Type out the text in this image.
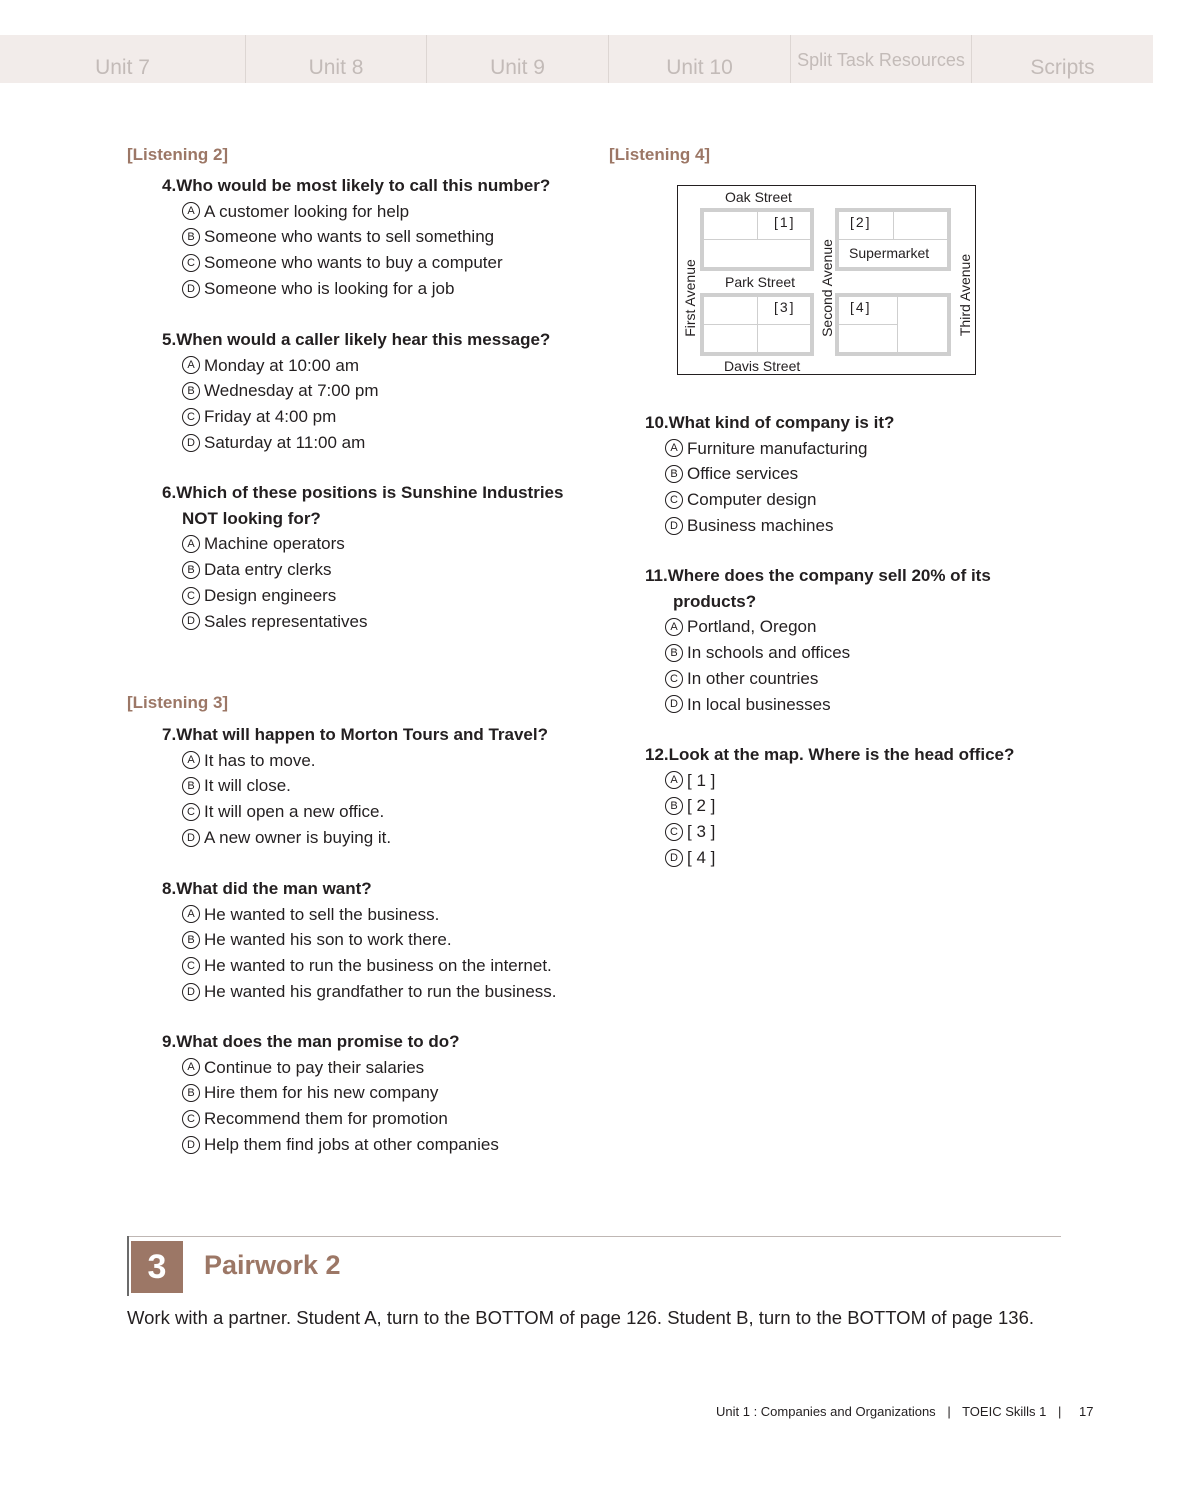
Unit 7	Unit 8	Unit 9	Unit 10	Split Task Resources	Scripts
[Listening 2]
4.Who would be most likely to call this number?
A A customer looking for help
B Someone who wants to sell something
C Someone who wants to buy a computer
D Someone who is looking for a job
5.When would a caller likely hear this message?
A Monday at 10:00 am
B Wednesday at 7:00 pm
C Friday at 4:00 pm
D Saturday at 11:00 am
6.Which of these positions is Sunshine Industries
NOT looking for?
A Machine operators
B Data entry clerks
C Design engineers
D Sales representatives
[Listening 3]
7.What will happen to Morton Tours and Travel?
A It has to move.
B It will close.
C It will open a new office.
D A new owner is buying it.
8.What did the man want?
A He wanted to sell the business.
B He wanted his son to work there.
C He wanted to run the business on the internet.
D He wanted his grandfather to run the business.
9.What does the man promise to do?
A Continue to pay their salaries
B Hire them for his new company
C Recommend them for promotion
D Help them find jobs at other companies
[Listening 4]
Oak Street
Park Street
Davis Street
First Avenue	Second Avenue	Third Avenue
Supermarket
[1]	[2]
[3]	[4]
10.What kind of company is it?
A Furniture manufacturing
B Office services
C Computer design
D Business machines
11.Where does the company sell 20% of its
products?
A Portland, Oregon
B In schools and offices
C In other countries
D In local businesses
12.Look at the map. Where is the head office?
A [ 1 ]
B [ 2 ]
C [ 3 ]
D [ 4 ]
3	Pairwork 2
Work with a partner. Student A, turn to the BOTTOM of page 126. Student B, turn to the BOTTOM of page 136.
Unit 1 : Companies and Organizations | TOEIC Skills 1 | 17
